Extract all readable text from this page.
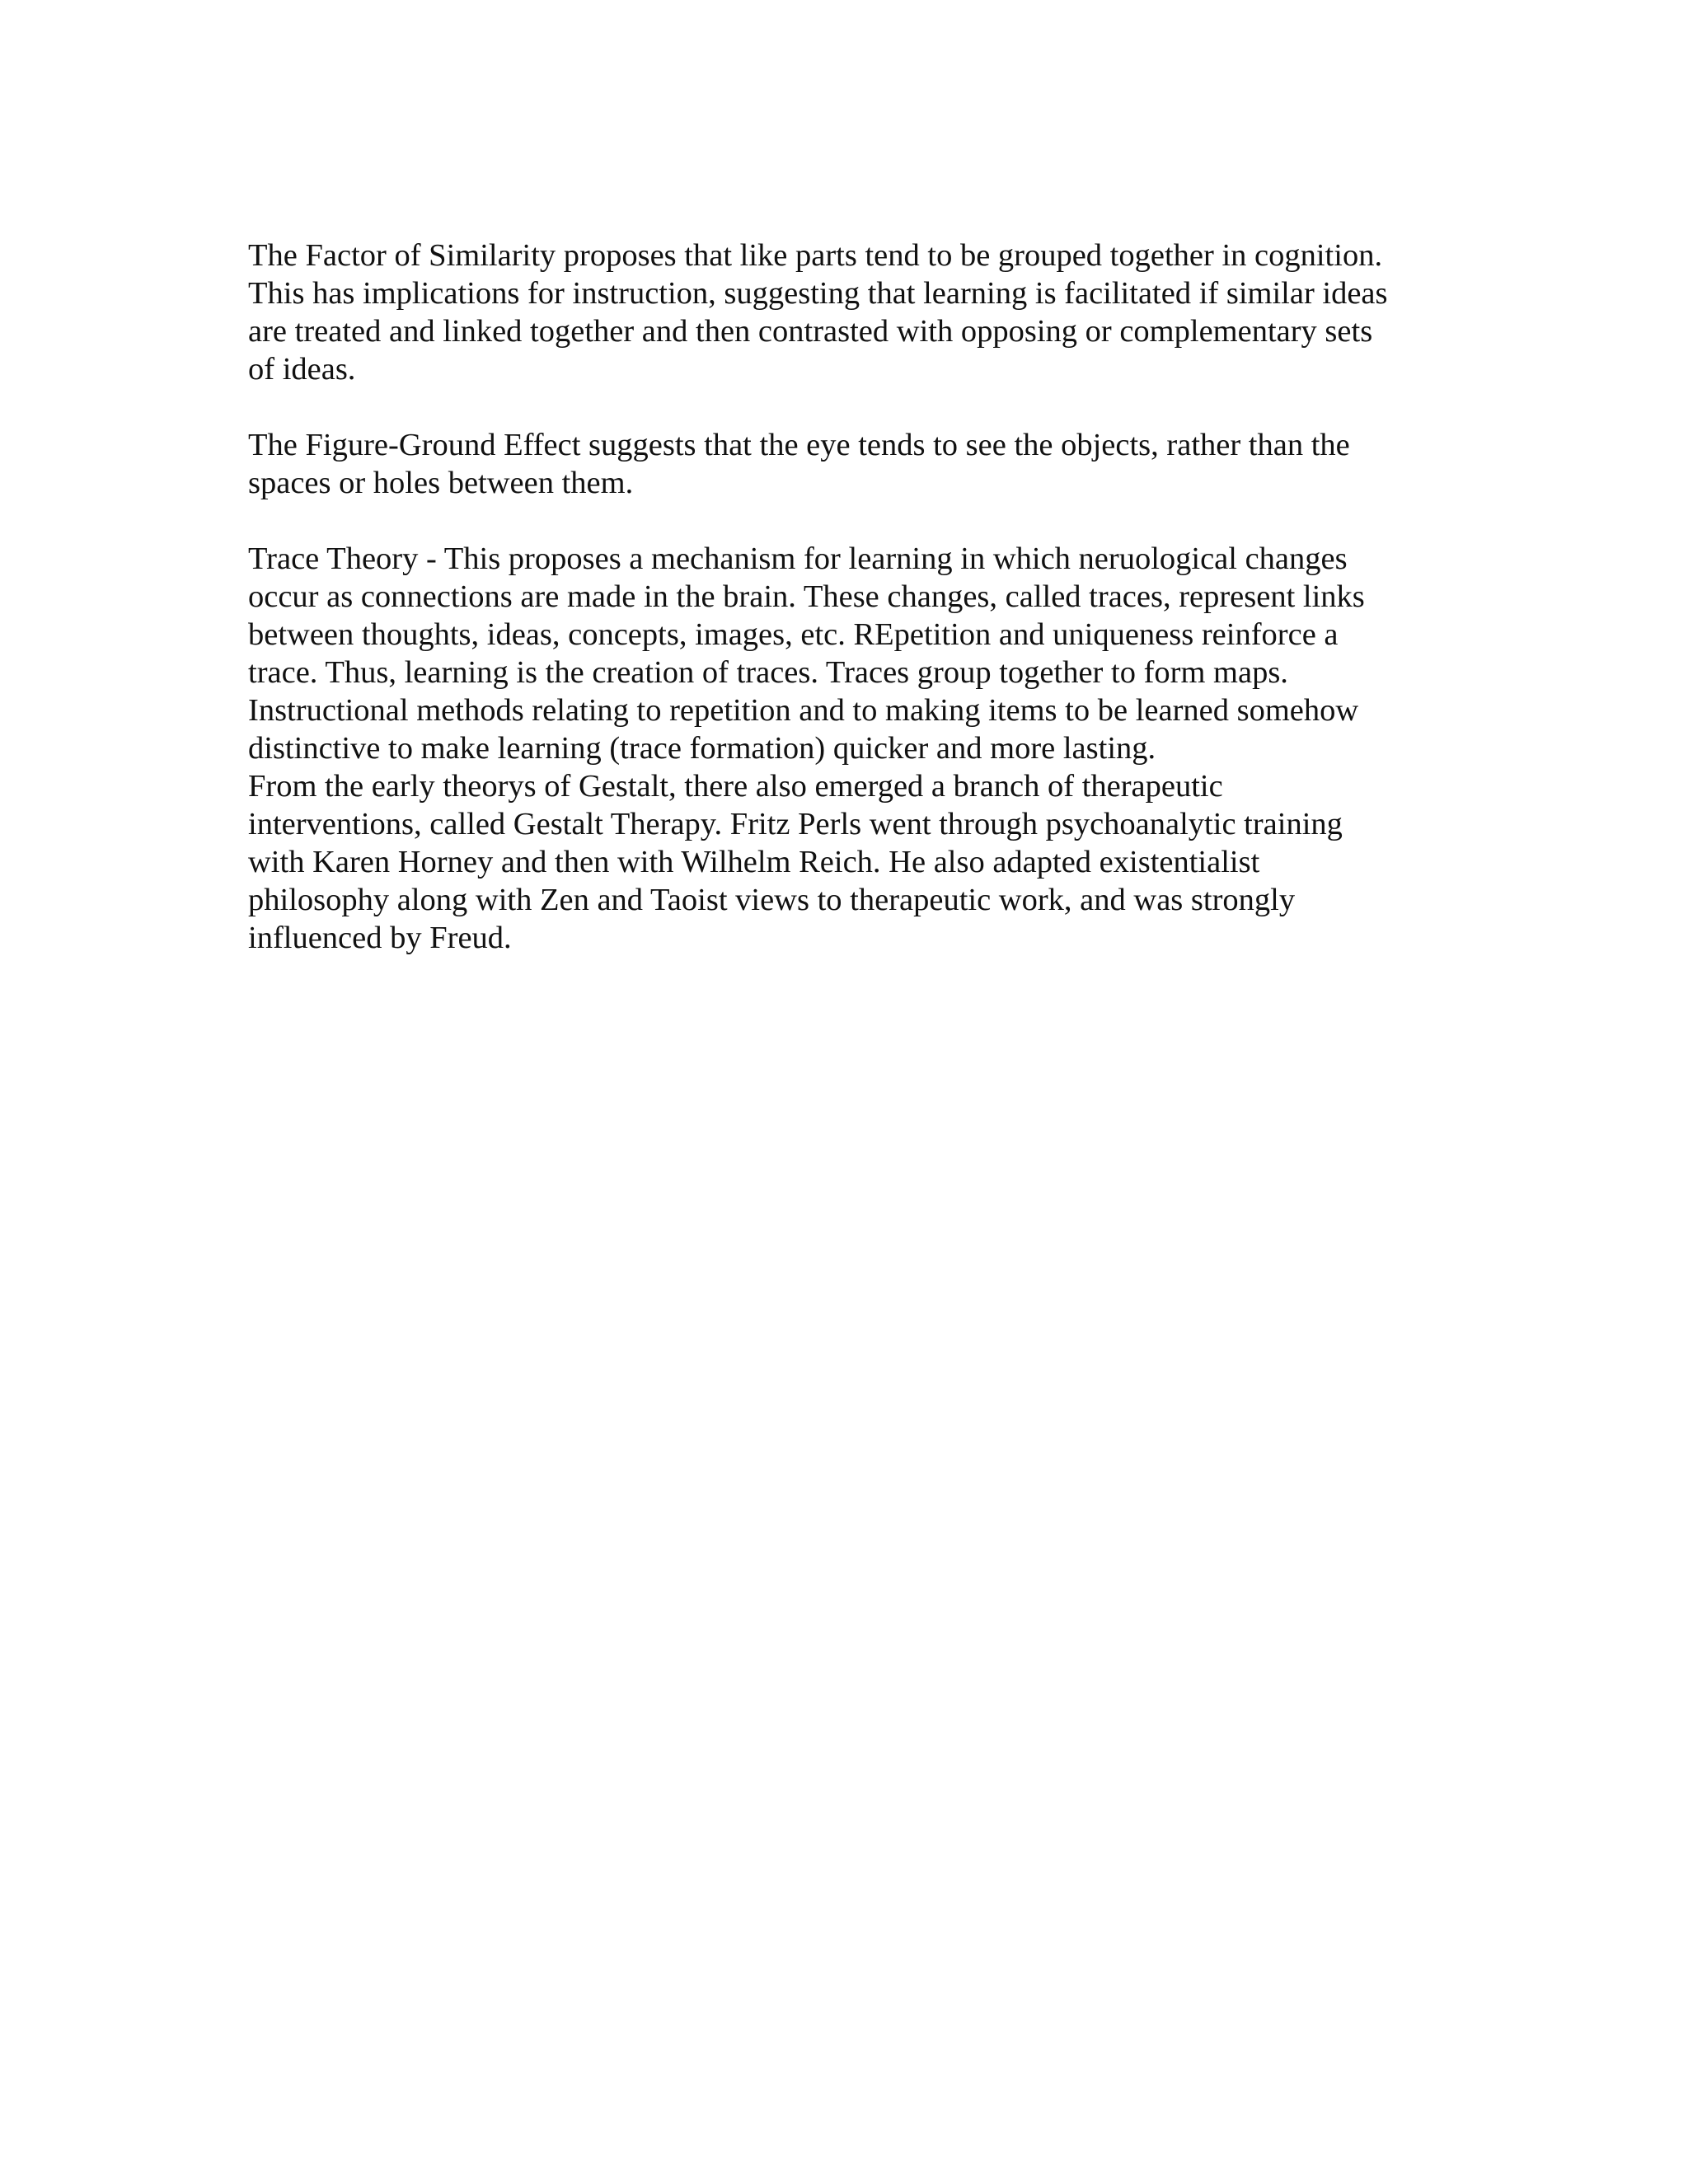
The Factor of Similarity proposes that like parts tend to be grouped together in cognition.
This has implications for instruction, suggesting that learning is facilitated if similar ideas
are treated and linked together and then contrasted with opposing or complementary sets
of ideas.
The Figure-Ground Effect suggests that the eye tends to see the objects, rather than the
spaces or holes between them.
Trace Theory - This proposes a mechanism for learning in which neruological changes
occur as connections are made in the brain. These changes, called traces, represent links
between thoughts, ideas, concepts, images, etc. REpetition and uniqueness reinforce a
trace. Thus, learning is the creation of traces. Traces group together to form maps.
Instructional methods relating to repetition and to making items to be learned somehow
distinctive to make learning (trace formation) quicker and more lasting.
From the early theorys of Gestalt, there also emerged a branch of therapeutic
interventions, called Gestalt Therapy. Fritz Perls went through psychoanalytic training
with Karen Horney and then with Wilhelm Reich. He also adapted existentialist
philosophy along with Zen and Taoist views to therapeutic work, and was strongly
influenced by Freud.
